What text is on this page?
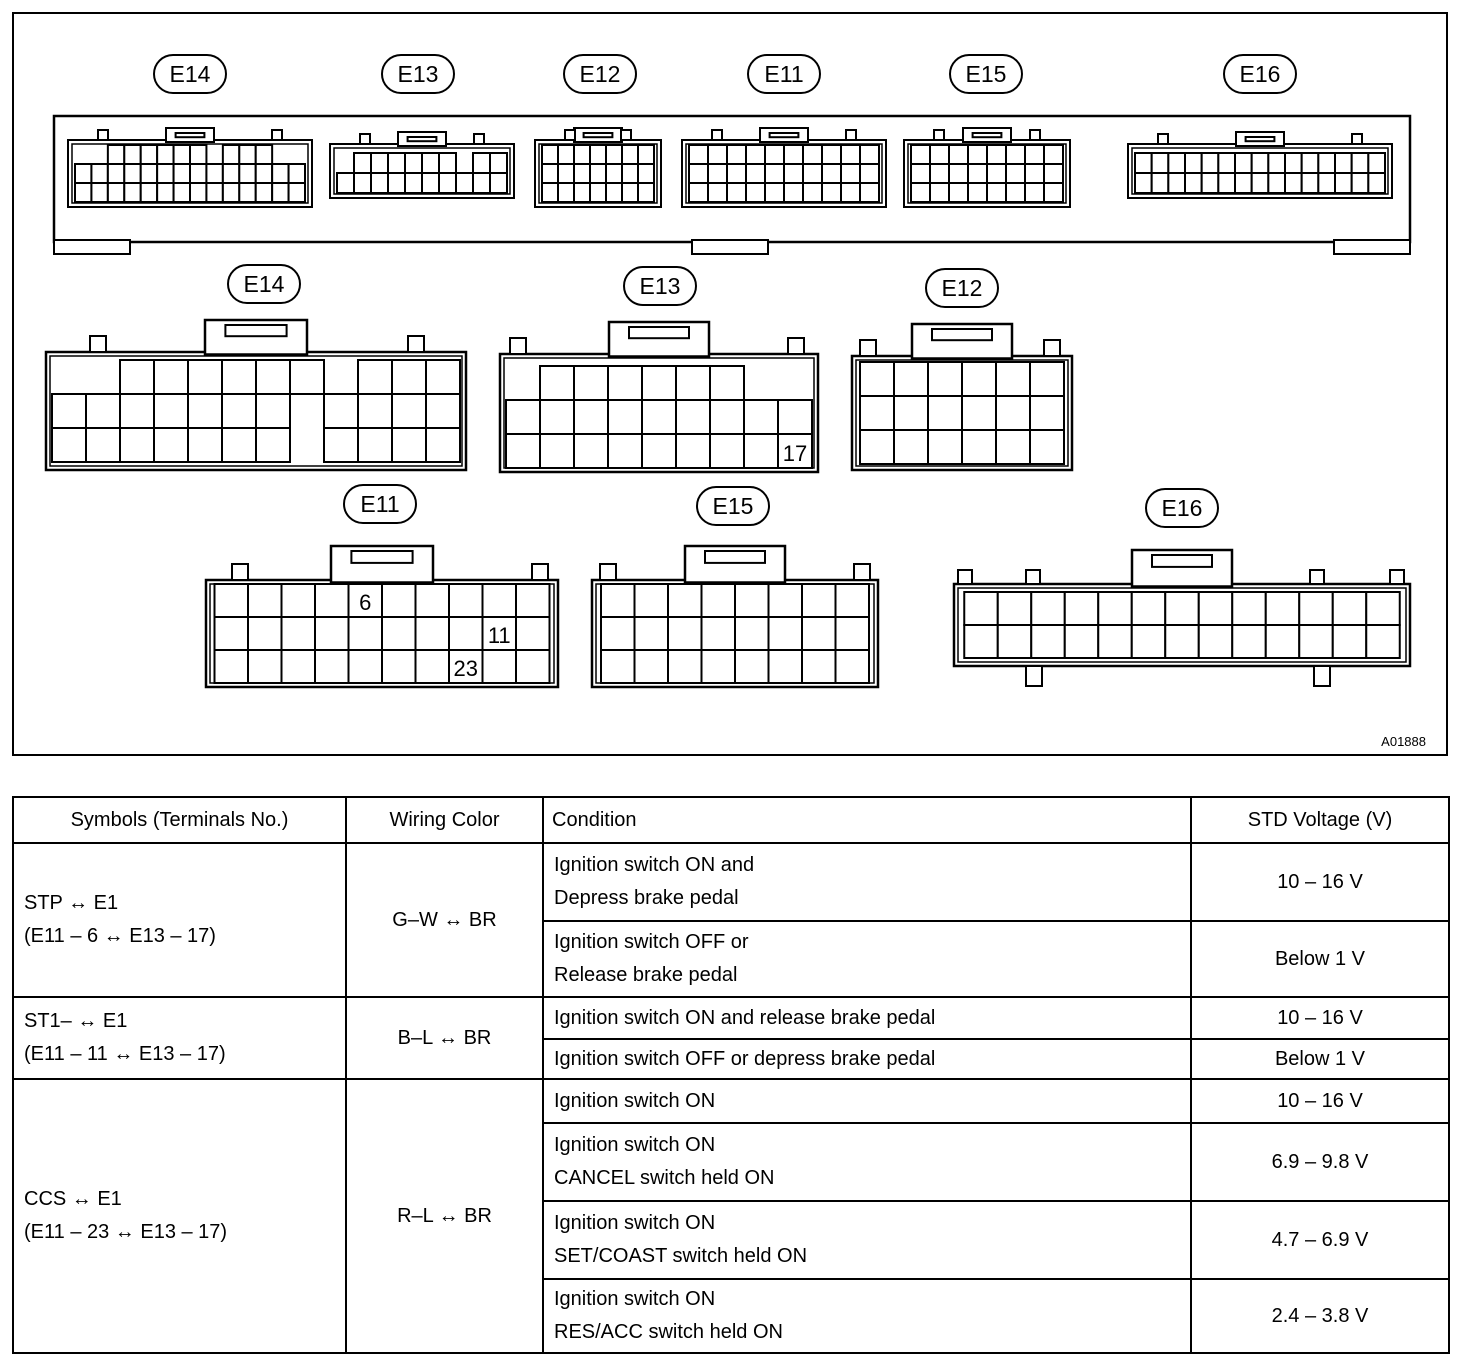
E14	E13	E12	E11	E15	E16
E14
17
E13	E12
6
11
23
E11	E15	E16
A01888
Symbols (Terminals No.)	Wiring Color	Condition	STD Voltage (V)

STP ↔ E1
(E11 – 6 ↔ E13 – 17)	G–W ↔ BR	Ignition switch ON and
Depress brake pedal	10 – 16 V

		Ignition switch OFF or
Release brake pedal	Below 1 V

ST1– ↔ E1
(E11 – 11 ↔ E13 – 17)	B–L ↔ BR	Ignition switch ON and release brake pedal	10 – 16 V
		Ignition switch OFF or depress brake pedal	Below 1 V

CCS ↔ E1
(E11 – 23 ↔ E13 – 17)	R–L ↔ BR	Ignition switch ON	10 – 16 V

		Ignition switch ON
CANCEL switch held ON	6.9 – 9.8 V

		Ignition switch ON
SET/COAST switch held ON	4.7 – 6.9 V

		Ignition switch ON
RES/ACC switch held ON	2.4 – 3.8 V
